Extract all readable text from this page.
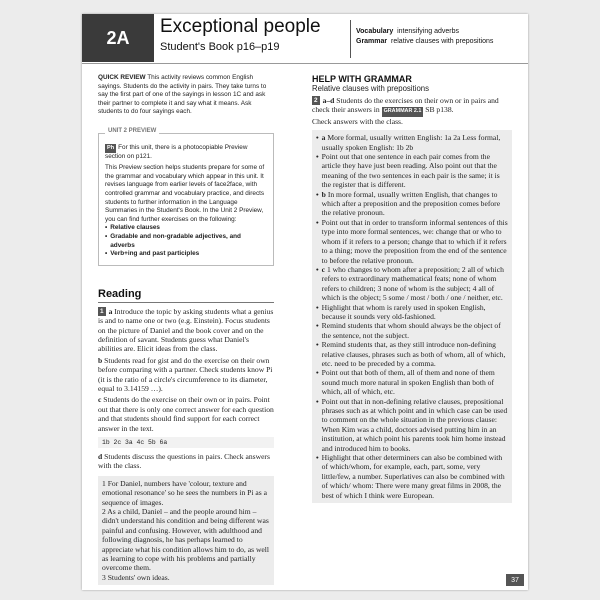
2A
Exceptional people
Student's Book p16–p19
Vocabulary intensifying adverbs
Grammar relative clauses with prepositions

QUICK REVIEW This activity reviews common English sayings. Students do the activity in pairs. They take turns to say the first part of one of the sayings in lesson 1C and ask their partner to complete it and say what it means. Ask students to do four sayings each.

UNIT 2 PREVIEW

Ph For this unit, there is a photocopiable Preview section on p121.

This Preview section helps students prepare for some of the grammar and vocabulary which appear in this unit. It revises language from earlier levels of face2face, with controlled grammar and vocabulary practice, and directs students to further information in the Language Summaries in the Student's Book. In the Unit 2 Preview, you can find further exercises on the following:

• Relative clauses
• Gradable and non-gradable adjectives, and adverbs
• Verb+ing and past participles
Reading

1 a Introduce the topic by asking students what a genius is and to name one or two (e.g. Einstein). Focus students on the picture of Daniel and the book cover and on the definition of savant. Students guess what Daniel's abilities are. Elicit ideas from the class.

b Students read for gist and do the exercise on their own before comparing with a partner. Check students know Pi (it is the ratio of a circle's circumference to its diameter, equal to 3.14159 …).

c Students do the exercise on their own or in pairs. Point out that there is only one correct answer for each question and that students should find support for each correct answer in the text.

1b 2c 3a 4c 5b 6a

d Students discuss the questions in pairs. Check answers with the class.

1 For Daniel, numbers have 'colour, texture and emotional resonance' so he sees the numbers in Pi as a sequence of images.

2 As a child, Daniel – and the people around him – didn't understand his condition and being different was painful and confusing. However, with adulthood and following diagnosis, he has perhaps learned to appreciate what his condition allows him to do, as well as learning to cope with his problems and partially overcome them.

3 Students' own ideas.

HELP WITH GRAMMAR
Relative clauses with prepositions

2 a–d Students do the exercises on their own or in pairs and check their answers in GRAMMAR 2.1 SB p138.

Check answers with the class.

• a More formal, usually written English: 1a 2a Less formal, usually spoken English: 1b 2b
• Point out that one sentence in each pair comes from the article they have just been reading. Also point out that the meaning of the two sentences in each pair is the same; it is the register that is different.
• b In more formal, usually written English, that changes to which after a preposition and the preposition comes before the relative pronoun.
• Point out that in order to transform informal sentences of this type into more formal sentences, we: change that or who to whom if it refers to a person; change that to which if it refers to a thing; move the preposition from the end of the sentence to before the relative pronoun.
• c 1 who changes to whom after a preposition; 2 all of which refers to extraordinary mathematical feats; none of whom refers to children; 3 none of whom is the subject; 4 all of which is the object; 5 some / most / both / one / neither, etc.
• Highlight that whom is rarely used in spoken English, because it sounds very old-fashioned.
• Remind students that whom should always be the object of the sentence, not the subject.
• Remind students that, as they still introduce non-defining relative clauses, phrases such as both of whom, all of which, etc. need to be preceded by a comma.
• Point out that both of them, all of them and none of them sound much more natural in spoken English than both of which, all of which, etc.
• Point out that in non-defining relative clauses, prepositional phrases such as at which point and in which case can be used to comment on the whole situation in the previous clause: When Kim was a child, doctors advised putting him in an institution, at which point his parents took him home instead and introduced him to books.
• Highlight that other determiners can also be combined with of which/whom, for example, each, part, some, very little/few, a number. Superlatives can also be combined with of which/ whom: There were many great films in 2008, the best of which I think were European.
37
